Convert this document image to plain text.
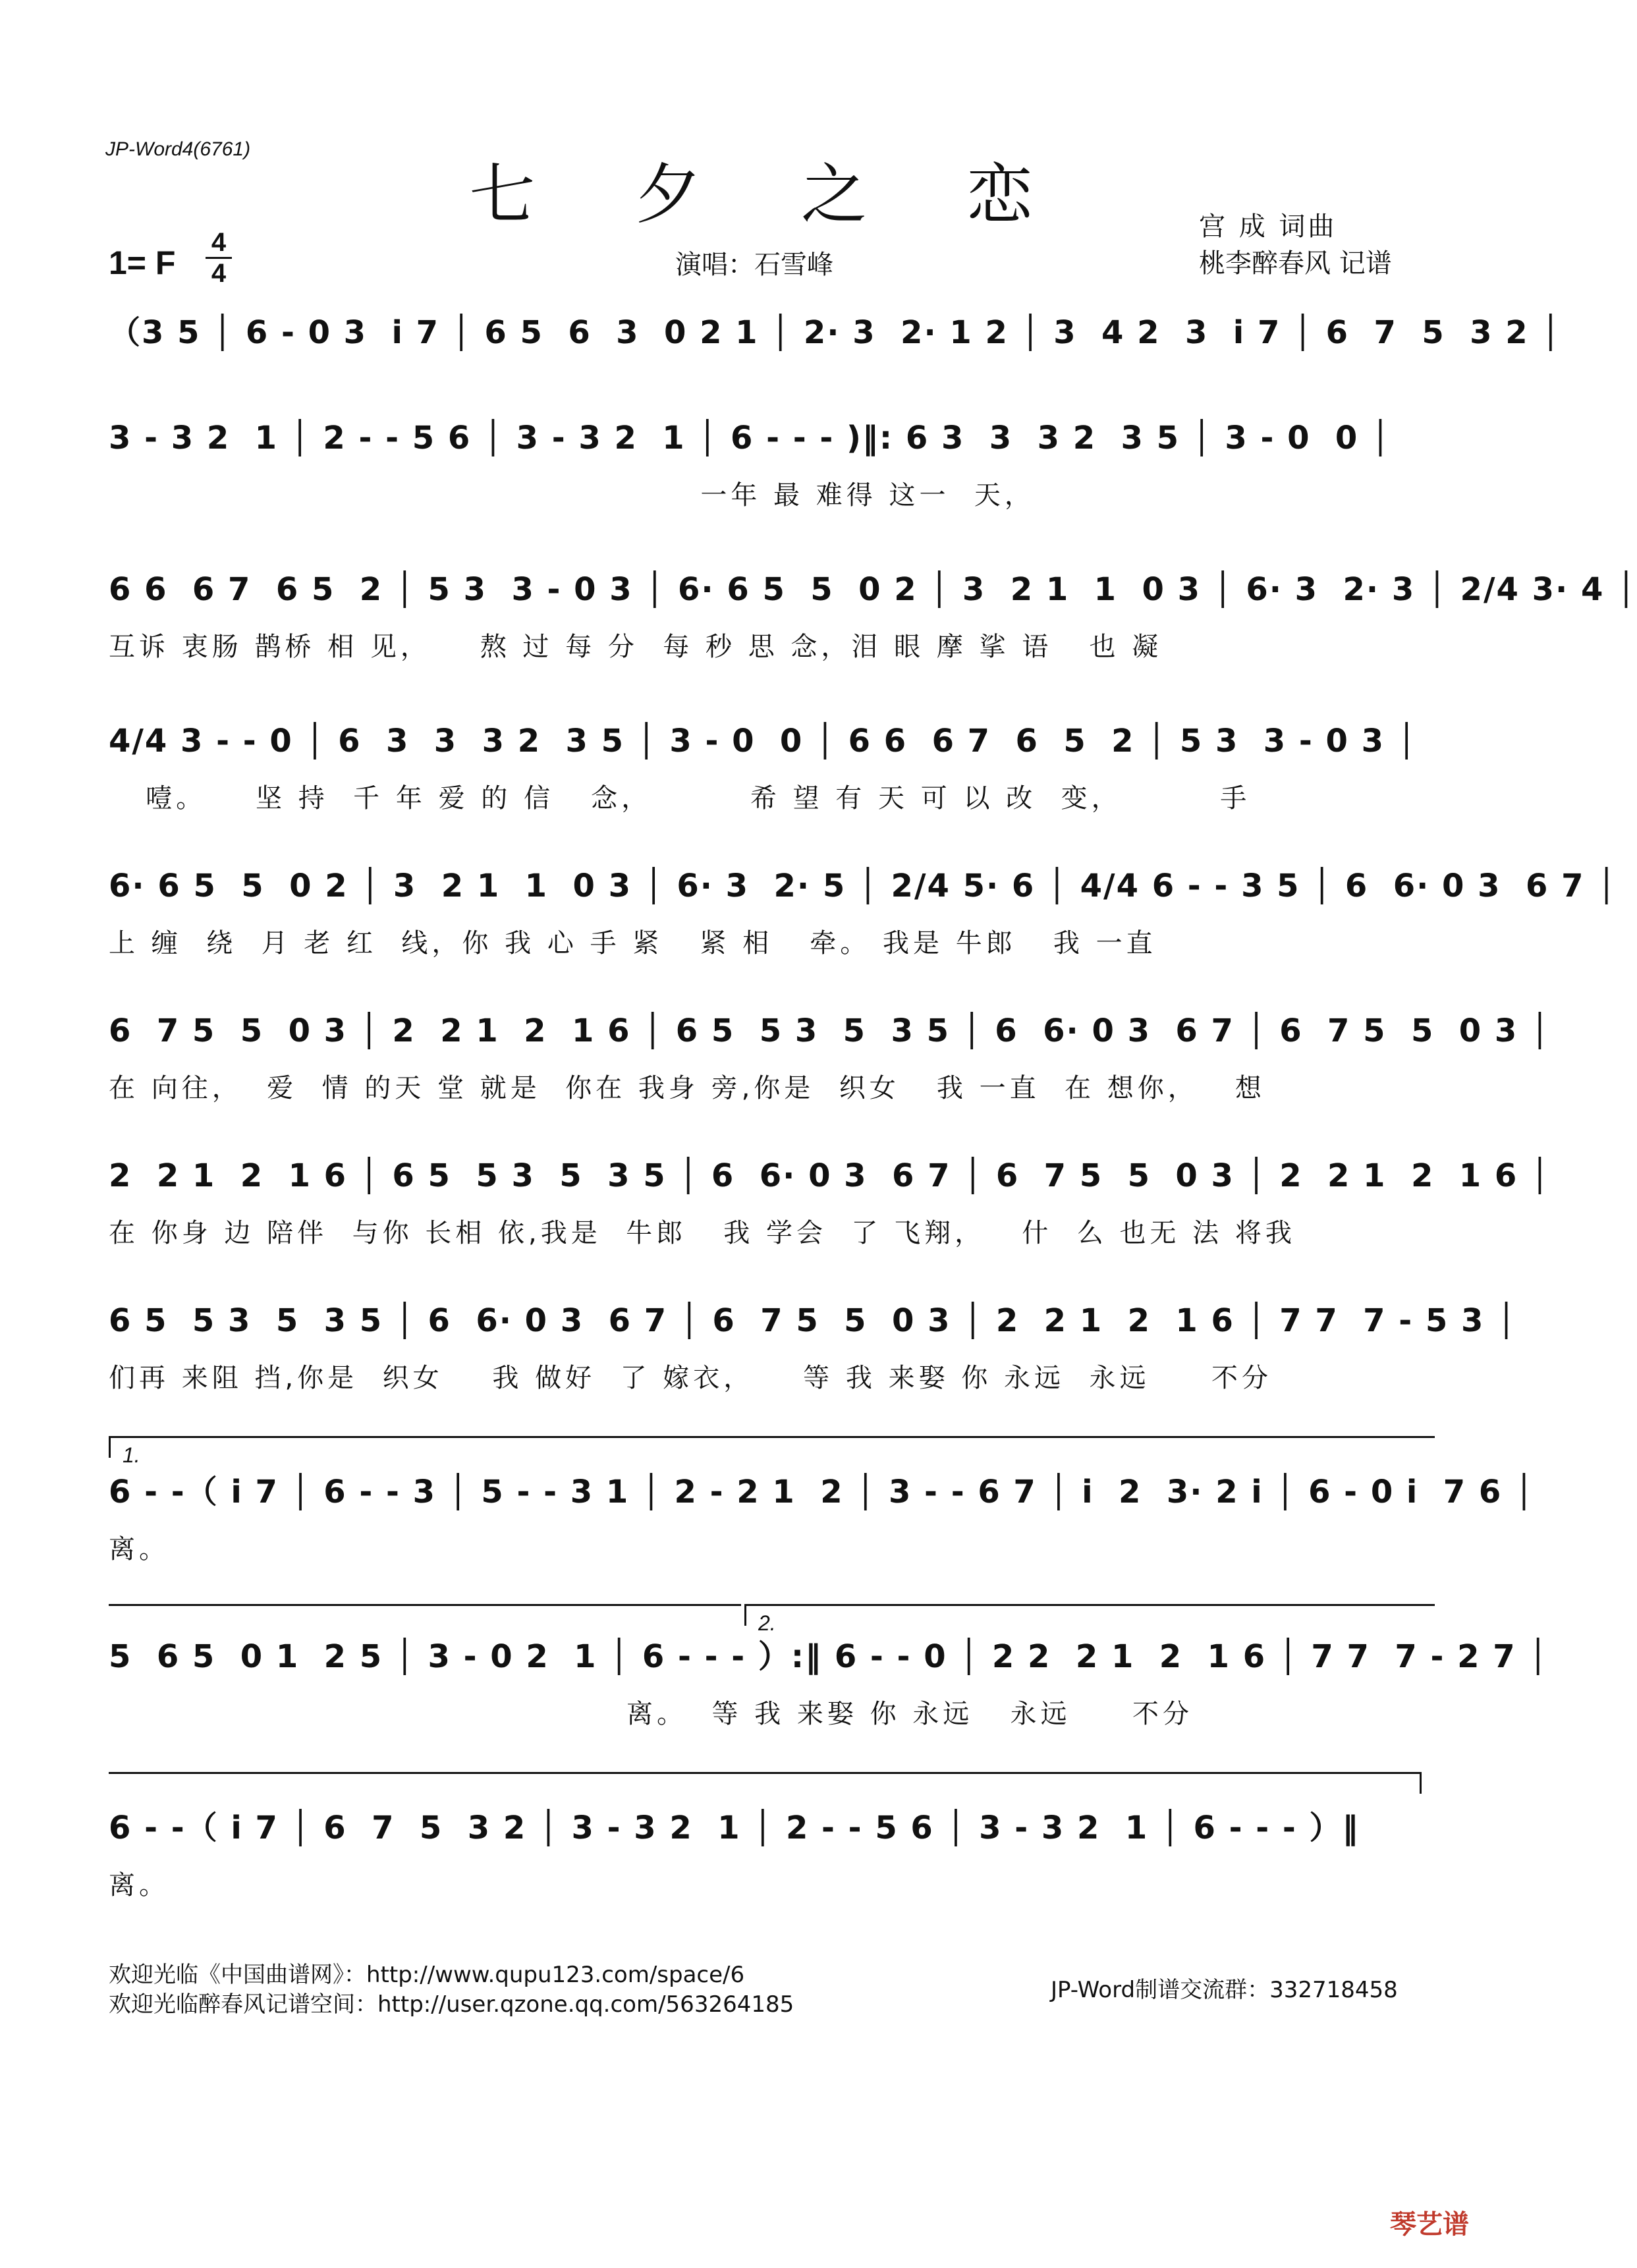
JP-Word4(6761)
七 夕 之 恋
1= F
4
4	演唱：石雪峰
宫 成 词曲
桃李醉春风 记谱
（3 5 │ 6 - 0 3  i 7 │ 6 5  6  3  0 2 1 │ 2· 3  2· 1 2 │ 3  4 2  3  i 7 │ 6  7  5  3 2 │
3 - 3 2  1 │ 2 - - 5 6 │ 3 - 3 2  1 │ 6 - - - )‖: 6 3  3  3 2  3 5 │ 3 - 0  0 │
一年 最 难得 这一  天，
6 6  6 7  6 5  2 │ 5 3  3 - 0 3 │ 6· 6 5  5  0 2 │ 3  2 1  1  0 3 │ 6· 3  2· 3 │ 2/4 3· 4 │
互诉 衷肠 鹊桥 相 见，    熬 过 每 分  每 秒 思 念，泪 眼 摩 挲 语   也 凝
4/4 3 - - 0 │ 6  3  3  3 2  3 5 │ 3 - 0  0 │ 6 6  6 7  6  5  2 │ 5 3  3 - 0 3 │
噎。    坚 持  千 年 爱 的 信   念，        希 望 有 天 可 以 改  变，        手
6· 6 5  5  0 2 │ 3  2 1  1  0 3 │ 6· 3  2· 5 │ 2/4 5· 6 │ 4/4 6 - - 3 5 │ 6  6· 0 3  6 7 │
上 缠  绕  月 老 红  线，你 我 心 手 紧   紧 相   牵。 我是 牛郎   我 一直
6  7 5  5  0 3 │ 2  2 1  2  1 6 │ 6 5  5 3  5  3 5 │ 6  6· 0 3  6 7 │ 6  7 5  5  0 3 │
在 向往，  爱  情 的天 堂 就是  你在 我身 旁,你是  织女   我 一直  在 想你，   想
2  2 1  2  1 6 │ 6 5  5 3  5  3 5 │ 6  6· 0 3  6 7 │ 6  7 5  5  0 3 │ 2  2 1  2  1 6 │
在 你身 边 陪伴  与你 长相 依,我是  牛郎   我 学会  了 飞翔，   什  么 也无 法 将我
6 5  5 3  5  3 5 │ 6  6· 0 3  6 7 │ 6  7 5  5  0 3 │ 2  2 1  2  1 6 │ 7 7  7 - 5 3 │
们再 来阻 挡,你是  织女    我 做好  了 嫁衣，    等 我 来娶 你 永远  永远     不分
1.
6 - -（ i 7 │ 6 - - 3 │ 5 - - 3 1 │ 2 - 2 1  2 │ 3 - - 6 7 │ i  2  3· 2 i │ 6 - 0 i  7 6 │
离。
2.
5  6 5  0 1  2 5 │ 3 - 0 2  1 │ 6 - - - ）:‖ 6 - - 0 │ 2 2  2 1  2  1 6 │ 7 7  7 - 2 7 │
离。  等 我 来娶 你 永远   永远     不分
6 - -（ i 7 │ 6  7  5  3 2 │ 3 - 3 2  1 │ 2 - - 5 6 │ 3 - 3 2  1 │ 6 - - - ）‖
离。
欢迎光临《中国曲谱网》：http://www.qupu123.com/space/6
欢迎光临醉春风记谱空间：http://user.qzone.qq.com/563264185
JP-Word制谱交流群：332718458
琴艺谱
